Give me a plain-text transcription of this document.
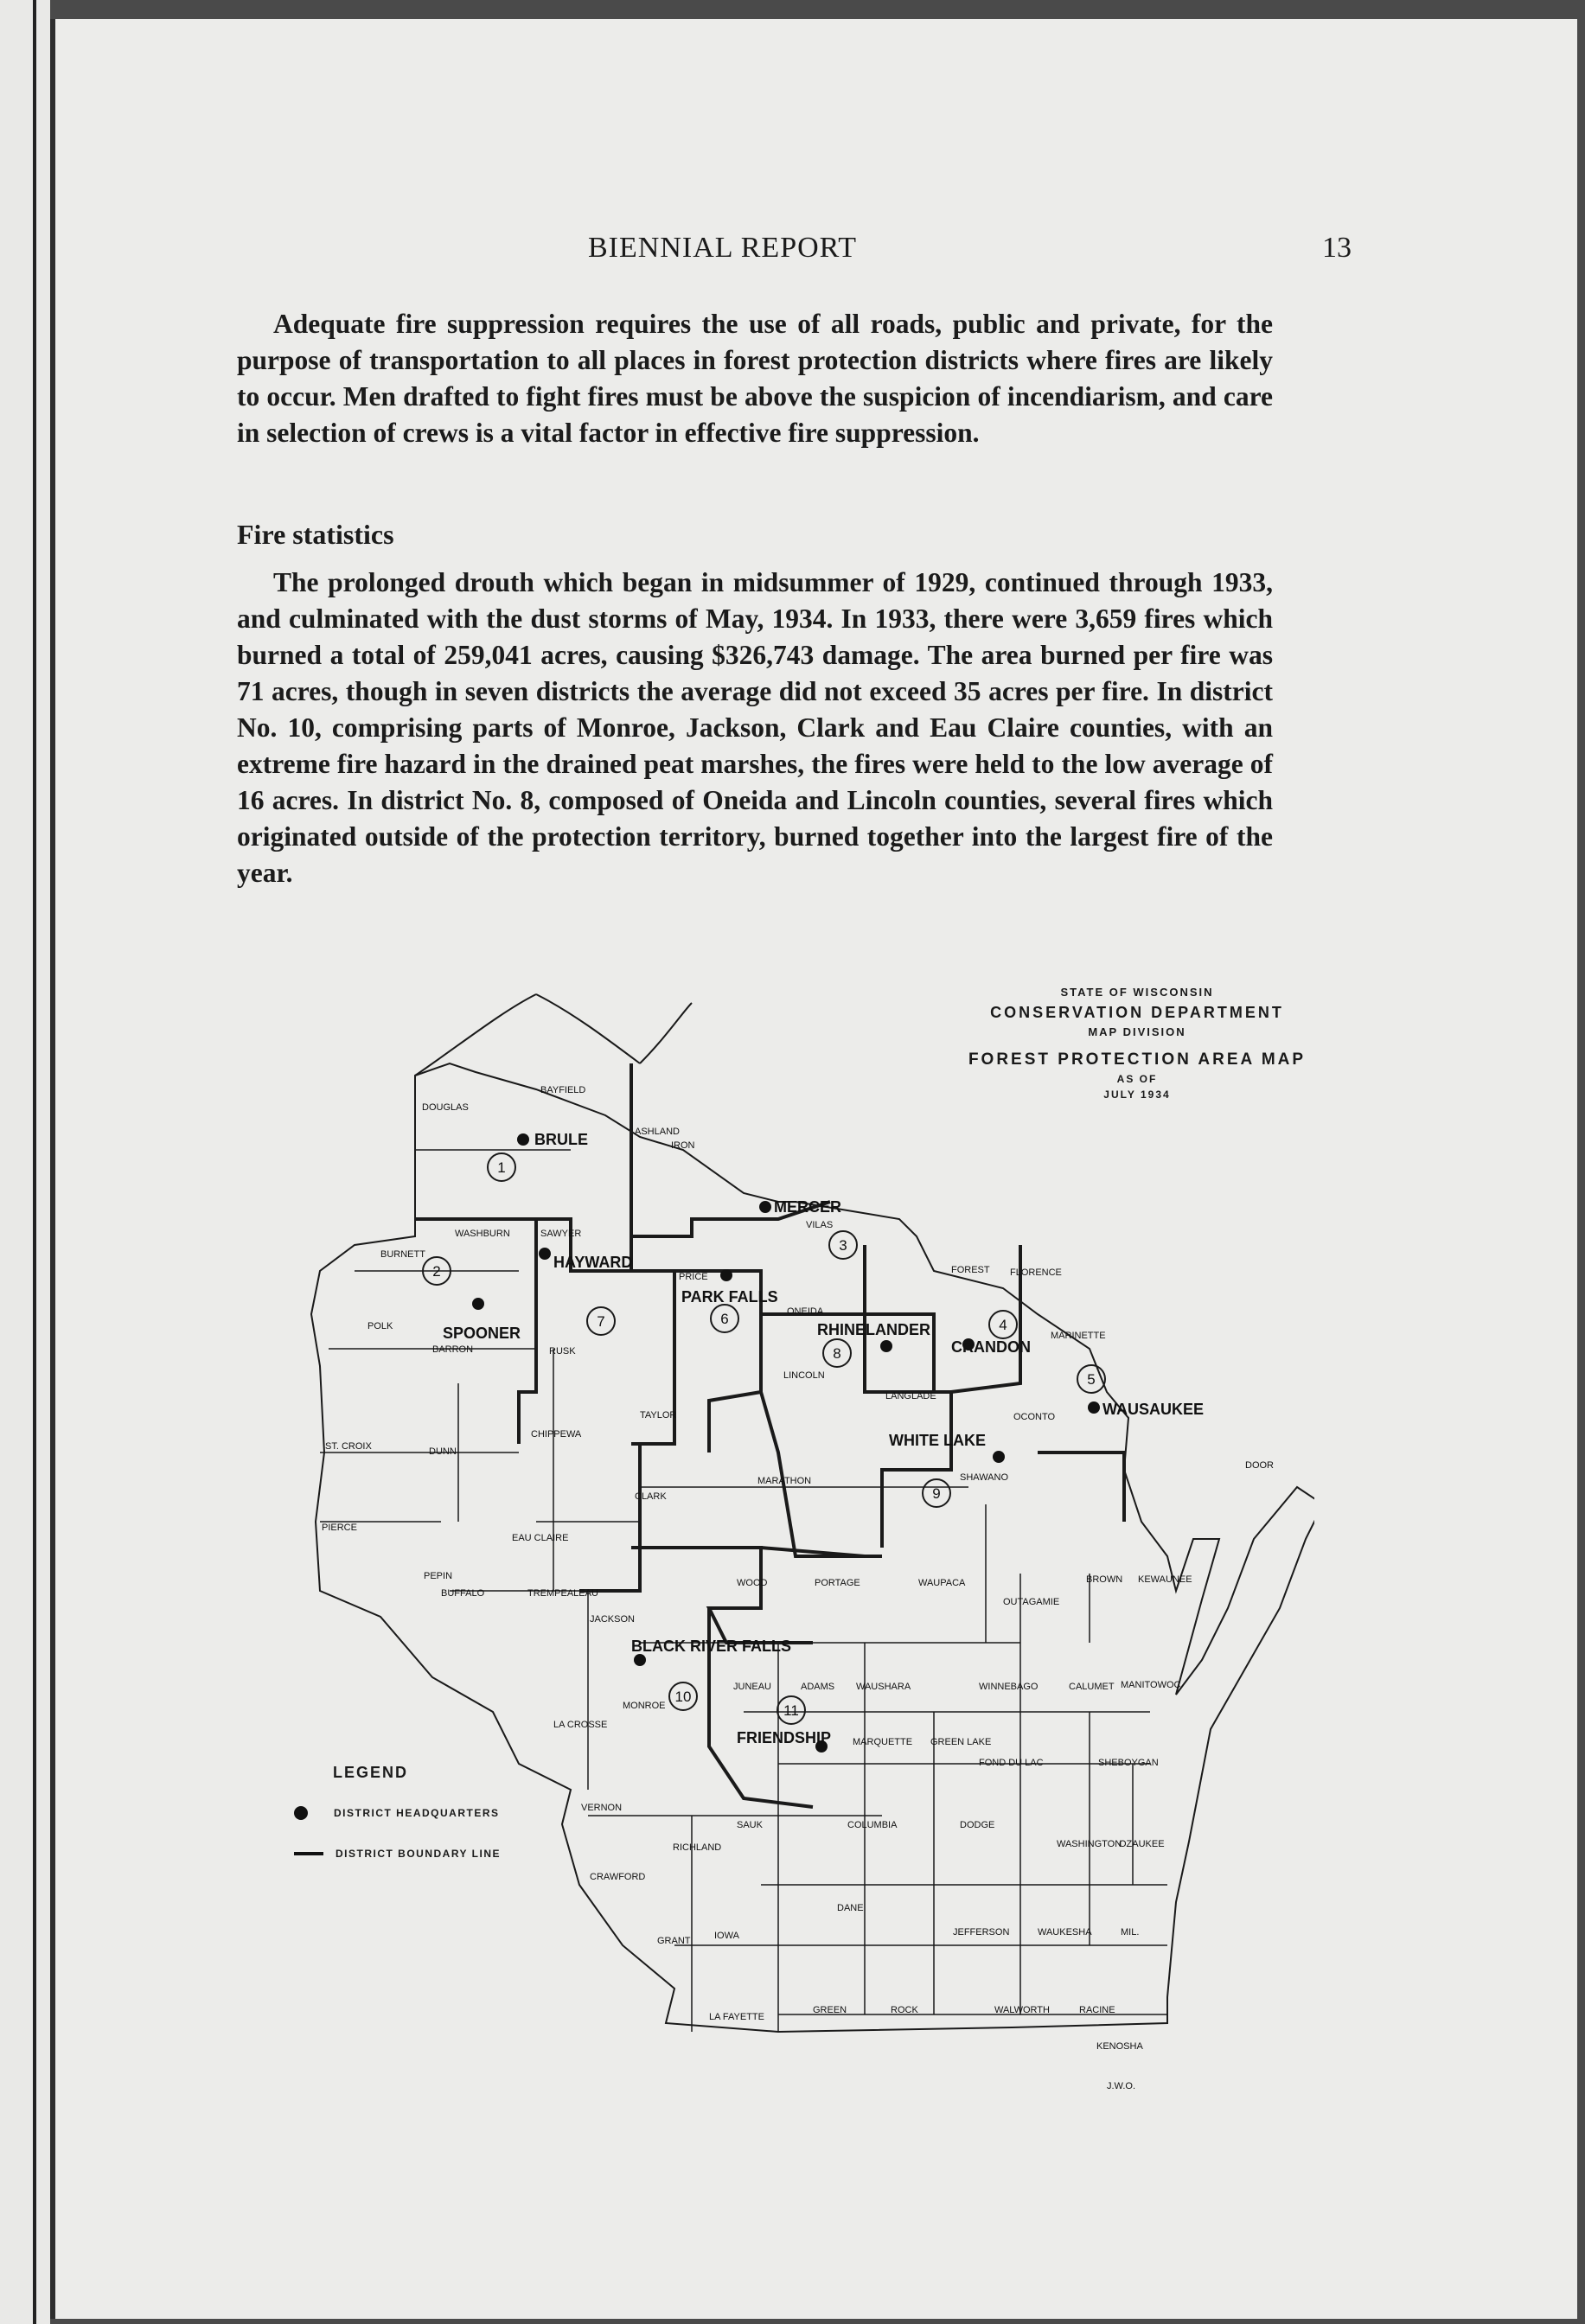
BIENNIAL REPORT	13

Adequate fire suppression requires the use of all roads, public and private, for the purpose of transportation to all places in forest protection districts where fires are likely to occur. Men drafted to fight fires must be above the suspicion of incendiarism, and care in selection of crews is a vital factor in effective fire suppression.

Fire statistics

The prolonged drouth which began in midsummer of 1929, continued through 1933, and culminated with the dust storms of May, 1934. In 1933, there were 3,659 fires which burned a total of 259,041 acres, causing $326,743 damage. The area burned per fire was 71 acres, though in seven districts the average did not exceed 35 acres per fire. In district No. 10, comprising parts of Monroe, Jackson, Clark and Eau Claire counties, with an extreme fire hazard in the drained peat marshes, the fires were held to the low average of 16 acres. In district No. 8, composed of Oneida and Lincoln counties, several fires which originated outside of the protection territory, burned together into the largest fire of the year.

STATE OF WISCONSIN
CONSERVATION DEPARTMENT
MAP DIVISION
FOREST PROTECTION AREA MAP
AS OF
JULY 1934
1
2
3
4
5
6
7
8
9
10
11
BRULE
SPOONER
MERCER
CRANDON
WAUSAUKEE
PARK FALLS
HAYWARD
RHINELANDER
WHITE LAKE
BLACK RIVER FALLS
FRIENDSHIP
DOUGLAS
BAYFIELD
ASHLAND
IRON
VILAS
WASHBURN	SAWYER
BURNETT
PRICE
ONEIDA
FOREST FLORENCE
MARINETTE
POLK
BARRON	RUSK
LINCOLN
LANGLADE
OCONTO
TAYLOR
CHIPPEWA
ST. CROIX	DUNN
MARATHON	SHAWANO
DOOR
CLARK
PIERCE
EAU CLAIRE
PEPIN
BUFFALO	TREMPEALEAU
JACKSON
WOOD	PORTAGE	WAUPACA
OUTAGAMIE
BROWN KEWAUNEE
MONROE
LA CROSSE
JUNEAU	ADAMS WAUSHARA	WINNEBAGO	CALUMET MANITOWOC
MARQUETTE GREEN LAKE
FOND DU LAC	SHEBOYGAN
VERNON
SAUK	COLUMBIA	DODGE
WASHINGTON
OZAUKEE
RICHLAND
CRAWFORD
DANE
GRANT	IOWA	JEFFERSON	WAUKESHA	MIL.
LA FAYETTE
GREEN	ROCK	WALWORTH	RACINE
KENOSHA
J.W.O.
LEGEND
DISTRICT HEADQUARTERS
DISTRICT BOUNDARY LINE
